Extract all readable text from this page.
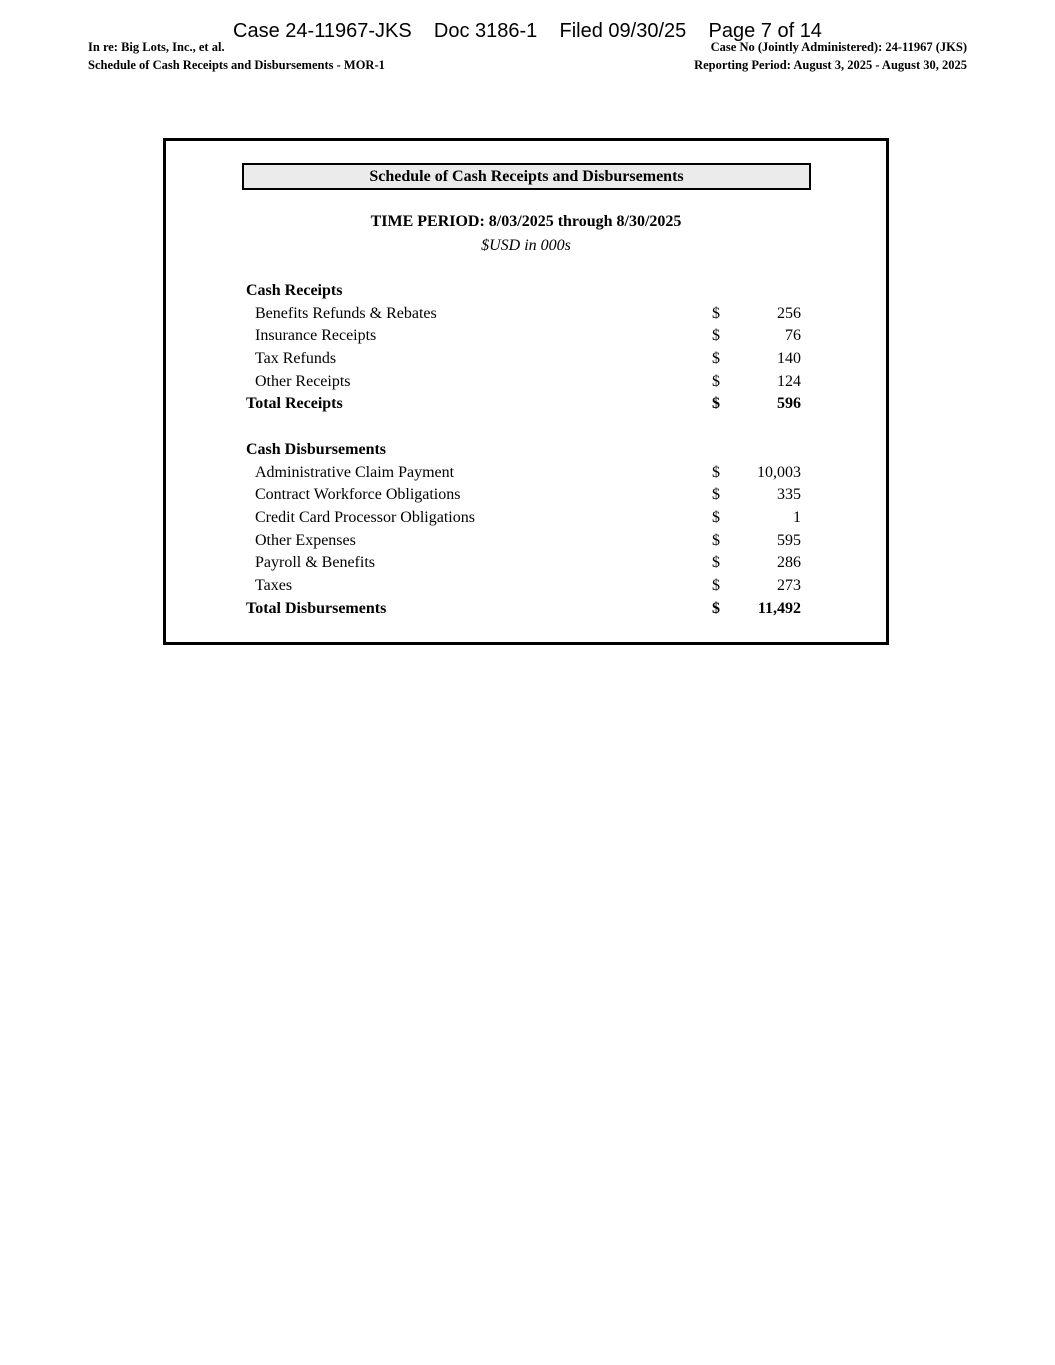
Case 24-11967-JKS    Doc 3186-1    Filed 09/30/25    Page 7 of 14
In re: Big Lots, Inc., et al.
Schedule of Cash Receipts and Disbursements - MOR-1
Case No (Jointly Administered): 24-11967 (JKS)
Reporting Period: August 3, 2025 - August 30, 2025
Schedule of Cash Receipts and Disbursements
TIME PERIOD: 8/03/2025 through 8/30/2025
$USD in 000s
Cash Receipts
Benefits Refunds & Rebates	$	256
Insurance Receipts	$	76
Tax Refunds	$	140
Other Receipts	$	124
Total Receipts	$	596
Cash Disbursements
Administrative Claim Payment	$ 10,003
Contract Workforce Obligations	$	335
Credit Card Processor Obligations	$	1
Other Expenses	$	595
Payroll & Benefits	$	286
Taxes	$	273
Total Disbursements	$ 11,492
